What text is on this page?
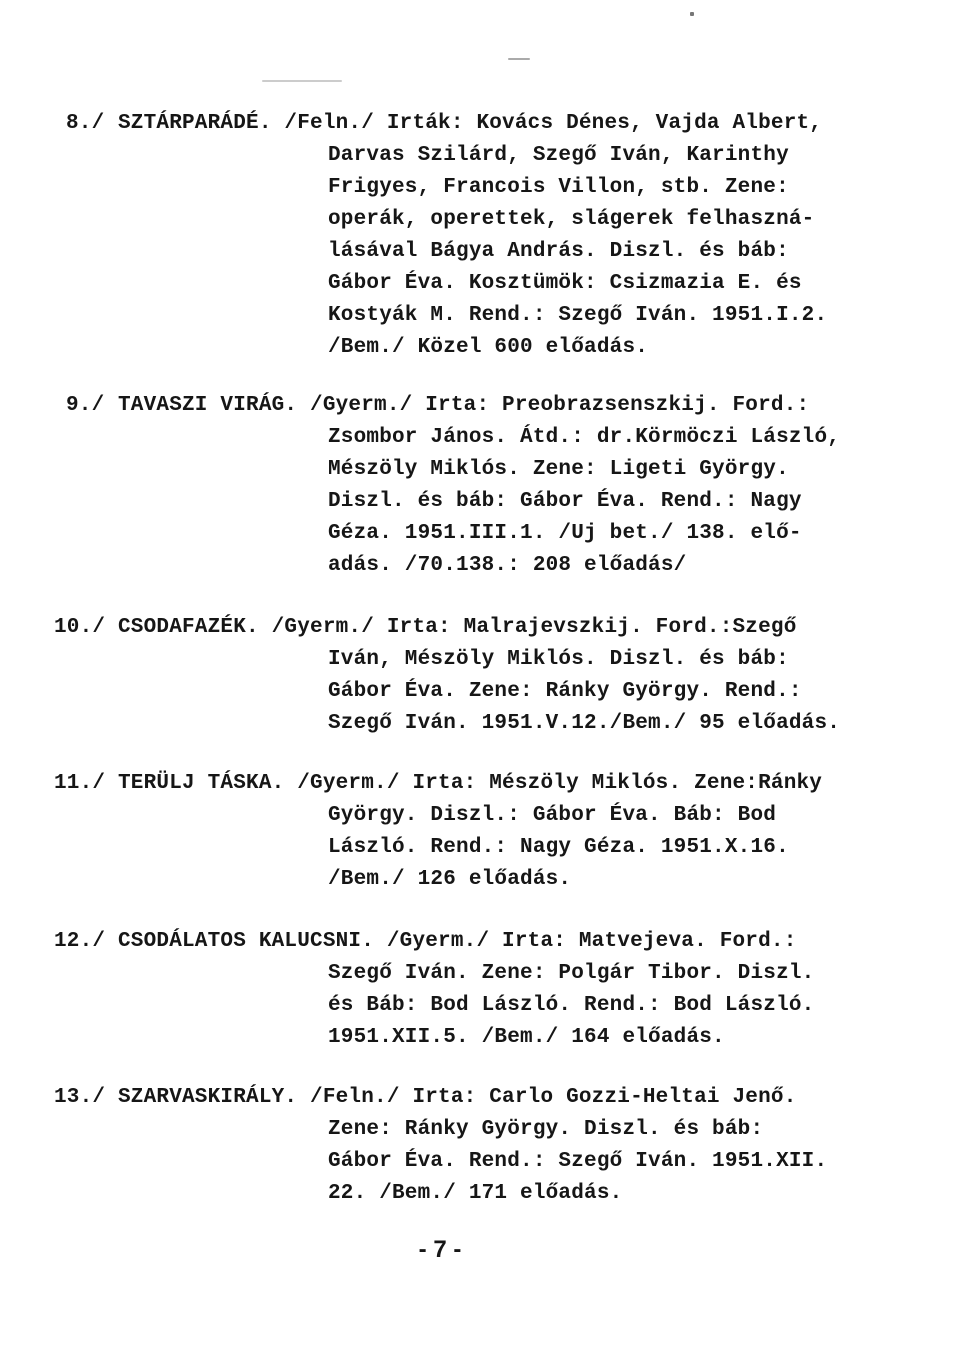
8./ SZTÁRPARÁDÉ. /Feln./ Irták: Kovács Dénes, Vajda Albert,
Darvas Szilárd, Szegő Iván, Karinthy
Frigyes, Francois Villon, stb. Zene:
operák, operettek, slágerek felhaszná-
lásával Bágya András. Diszl. és báb:
Gábor Éva. Kosztümök: Csizmazia E. és
Kostyák M. Rend.: Szegő Iván. 1951.I.2.
/Bem./ Közel 600 előadás.
9./ TAVASZI VIRÁG. /Gyerm./ Irta: Preobrazsenszkij. Ford.:
Zsombor János. Átd.: dr.Körmöczi László,
Mészöly Miklós. Zene: Ligeti György.
Diszl. és báb: Gábor Éva. Rend.: Nagy
Géza. 1951.III.1. /Uj bet./ 138. elő-
adás. /70.138.: 208 előadás/
10./ CSODAFAZÉK. /Gyerm./ Irta: Malrajevszkij. Ford.:Szegő
Iván, Mészöly Miklós. Diszl. és báb:
Gábor Éva. Zene: Ránky György. Rend.:
Szegő Iván. 1951.V.12./Bem./ 95 előadás.
11./ TERÜLJ TÁSKA. /Gyerm./ Irta: Mészöly Miklós. Zene:Ránky
György. Diszl.: Gábor Éva. Báb: Bod
László. Rend.: Nagy Géza. 1951.X.16.
/Bem./ 126 előadás.
12./ CSODÁLATOS KALUCSNI. /Gyerm./ Irta: Matvejeva. Ford.:
Szegő Iván. Zene: Polgár Tibor. Diszl.
és Báb: Bod László. Rend.: Bod László.
1951.XII.5. /Bem./ 164 előadás.
13./ SZARVASKIRÁLY. /Feln./ Irta: Carlo Gozzi-Heltai Jenő.
Zene: Ránky György. Diszl. és báb:
Gábor Éva. Rend.: Szegő Iván. 1951.XII.
22. /Bem./ 171 előadás.
- 7 -
